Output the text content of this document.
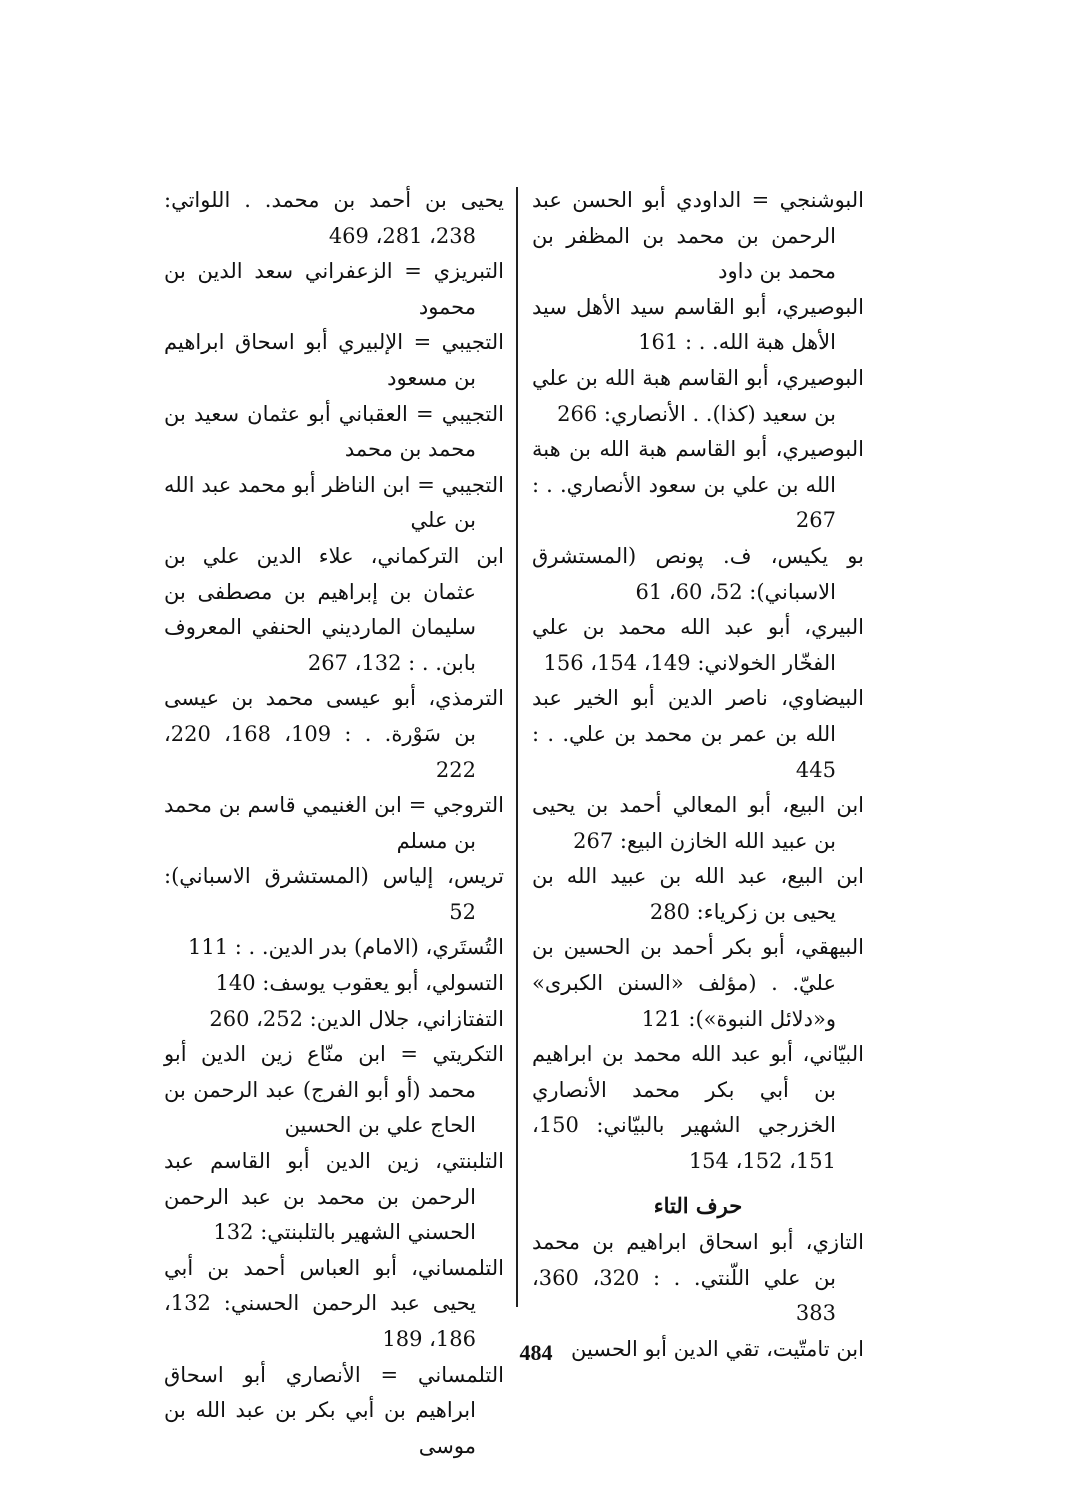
البوشنجي = الداودي أبو الحسن عبد الرحمن بن محمد بن المظفر بن محمد بن داود

البوصيري، أبو القاسم سيد الأهل سيد الأهل هبة الله. . : 161

البوصيري، أبو القاسم هبة الله بن علي بن سعيد (كذا). . الأنصاري: 266

البوصيري، أبو القاسم هبة الله بن هبة الله بن علي بن سعود الأنصاري. . : 267

بو يكيس، ف. پونص (المستشرق الاسباني): 52، 60، 61

البيري، أبو عبد الله محمد بن علي الفخّار الخولاني: 149، 154، 156

البيضاوي، ناصر الدين أبو الخير عبد الله بن عمر بن محمد بن علي. . : 445

ابن البيع، أبو المعالي أحمد بن يحيى بن عبيد الله الخازن البيع: 267

ابن البيع، عبد الله بن عبيد الله بن يحيى بن زكرياء: 280

البيهقي، أبو بكر أحمد بن الحسين بن عليّ. . (مؤلف «السنن الكبرى» و«دلائل النبوة»): 121

البيّاني، أبو عبد الله محمد بن ابراهيم بن أبي بكر محمد الأنصاري الخزرجي الشهير بالبيّاني: 150، 151، 152، 154

حرف التاء

التازي، أبو اسحاق ابراهيم بن محمد بن علي اللّنتي. . : 320، 360، 383

ابن تامتّيت، تقي الدين أبو الحسين

يحيى بن أحمد بن محمد. . اللواتي: 238، 281، 469

التبريزي = الزعفراني سعد الدين بن محمود

التجيبي = الإلبيري أبو اسحاق ابراهيم بن مسعود

التجيبي = العقباني أبو عثمان سعيد بن محمد بن محمد

التجيبي = ابن الناظر أبو محمد عبد الله بن علي

ابن التركماني، علاء الدين علي بن عثمان بن إبراهيم بن مصطفى بن سليمان المارديني الحنفي المعروف بابن. . : 132، 267

الترمذي، أبو عيسى محمد بن عيسى بن سَوْرة. . : 109، 168، 220، 222

التروجي = ابن الغنيمي قاسم بن محمد بن مسلم

تريس، إلياس (المستشرق الاسباني): 52

التُستَري، (الامام) بدر الدين. . : 111

التسولي، أبو يعقوب يوسف: 140

التفتازاني، جلال الدين: 252، 260

التكريتي = ابن منّاع زين الدين أبو محمد (أو أبو الفرج) عبد الرحمن بن الحاج علي بن الحسين

التلبنتي، زين الدين أبو القاسم عبد الرحمن بن محمد بن عبد الرحمن الحسني الشهير بالتلبنتي: 132

التلمساني، أبو العباس أحمد بن أبي يحيى عبد الرحمن الحسني: 132، 186، 189

التلمساني = الأنصاري أبو اسحاق ابراهيم بن أبي بكر بن عبد الله بن موسى

484
